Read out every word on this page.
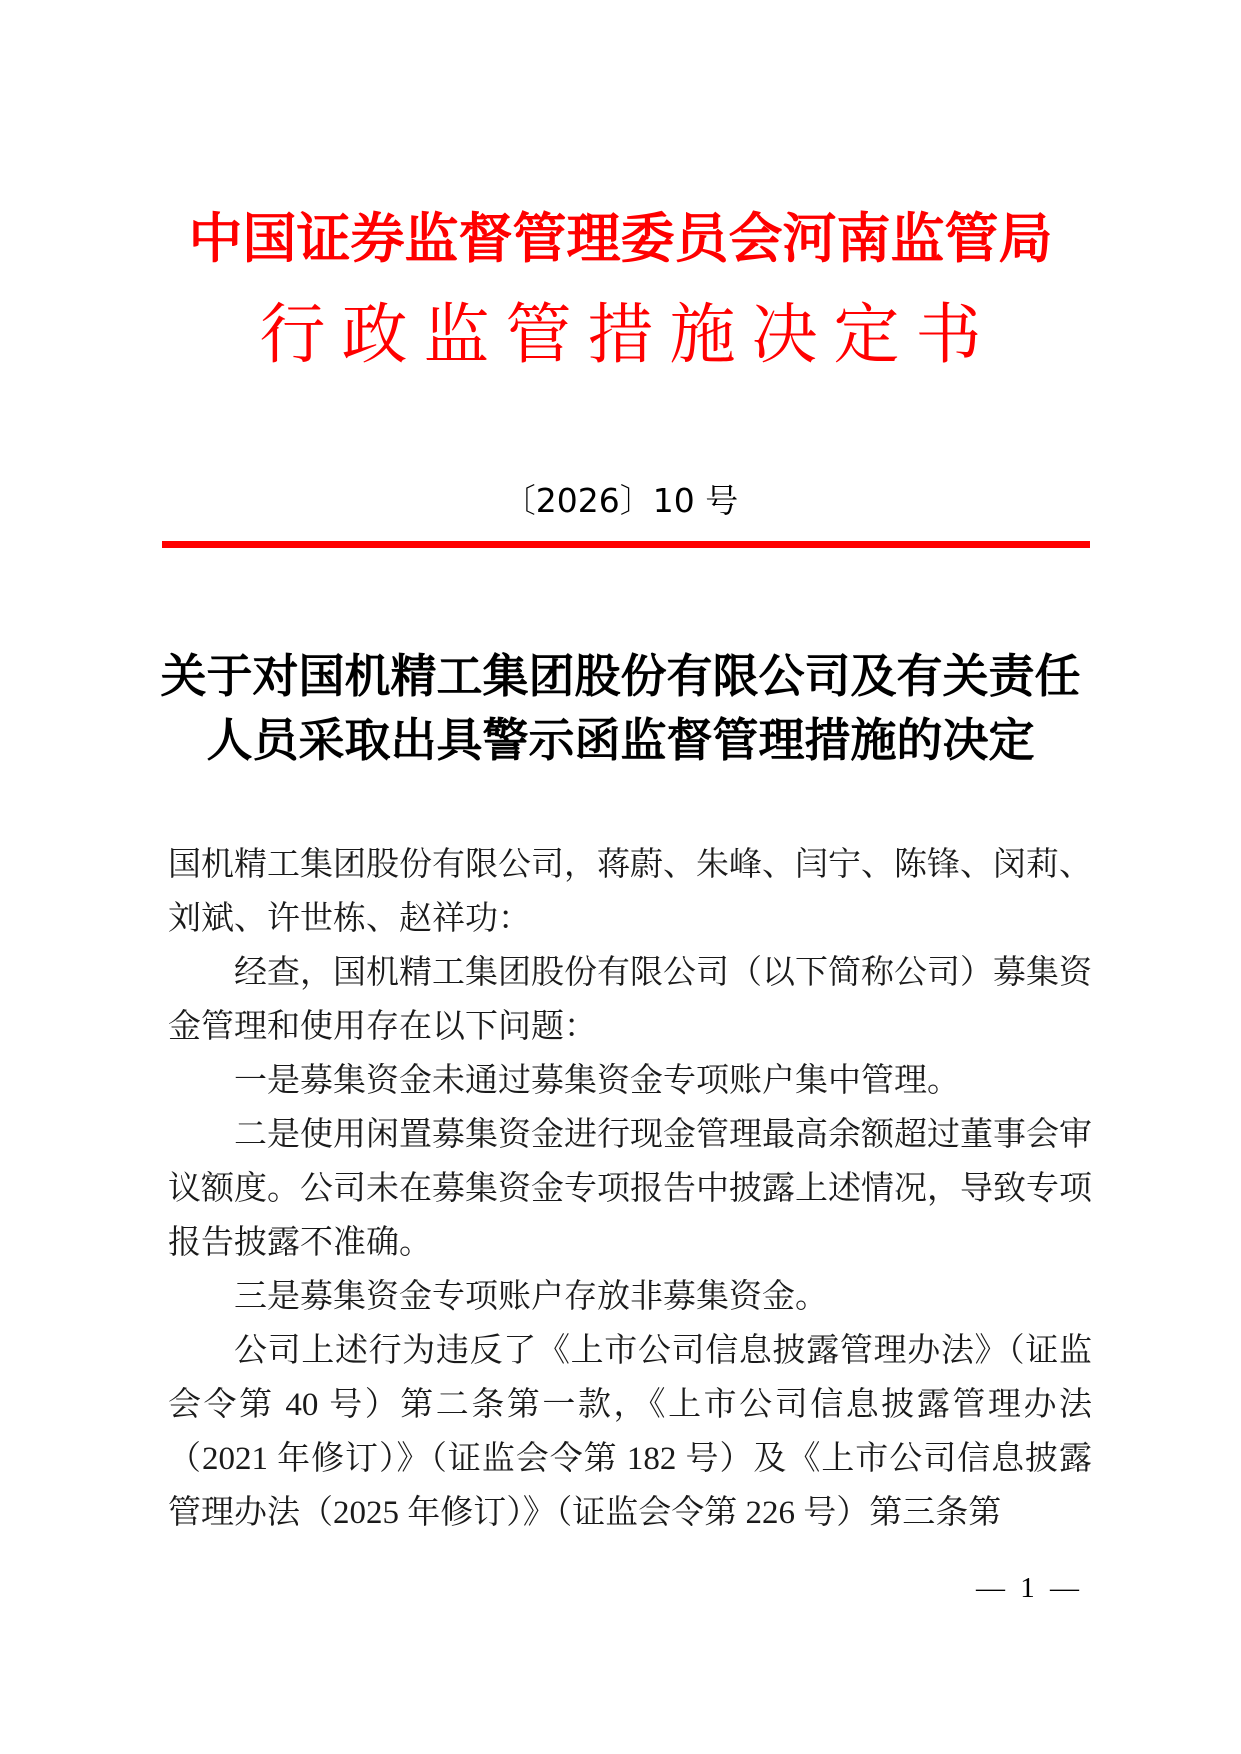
中国证券监督管理委员会河南监管局
行政监管措施决定书
〔2026〕10 号
关于对国机精工集团股份有限公司及有关责任
人员采取出具警示函监督管理措施的决定

国机精工集团股份有限公司，蒋蔚、朱峰、闫宁、陈锋、闵莉、刘斌、许世栋、赵祥功：

经查，国机精工集团股份有限公司（以下简称公司）募集资金管理和使用存在以下问题：

一是募集资金未通过募集资金专项账户集中管理。

二是使用闲置募集资金进行现金管理最高余额超过董事会审议额度。公司未在募集资金专项报告中披露上述情况，导致专项报告披露不准确。

三是募集资金专项账户存放非募集资金。

公司上述行为违反了《上市公司信息披露管理办法》（证监会令第 40 号）第二条第一款，《上市公司信息披露管理办法（2021 年修订）》（证监会令第 182 号）及《上市公司信息披露管理办法（2025 年修订）》（证监会令第 226 号）第三条第

— 1 —
